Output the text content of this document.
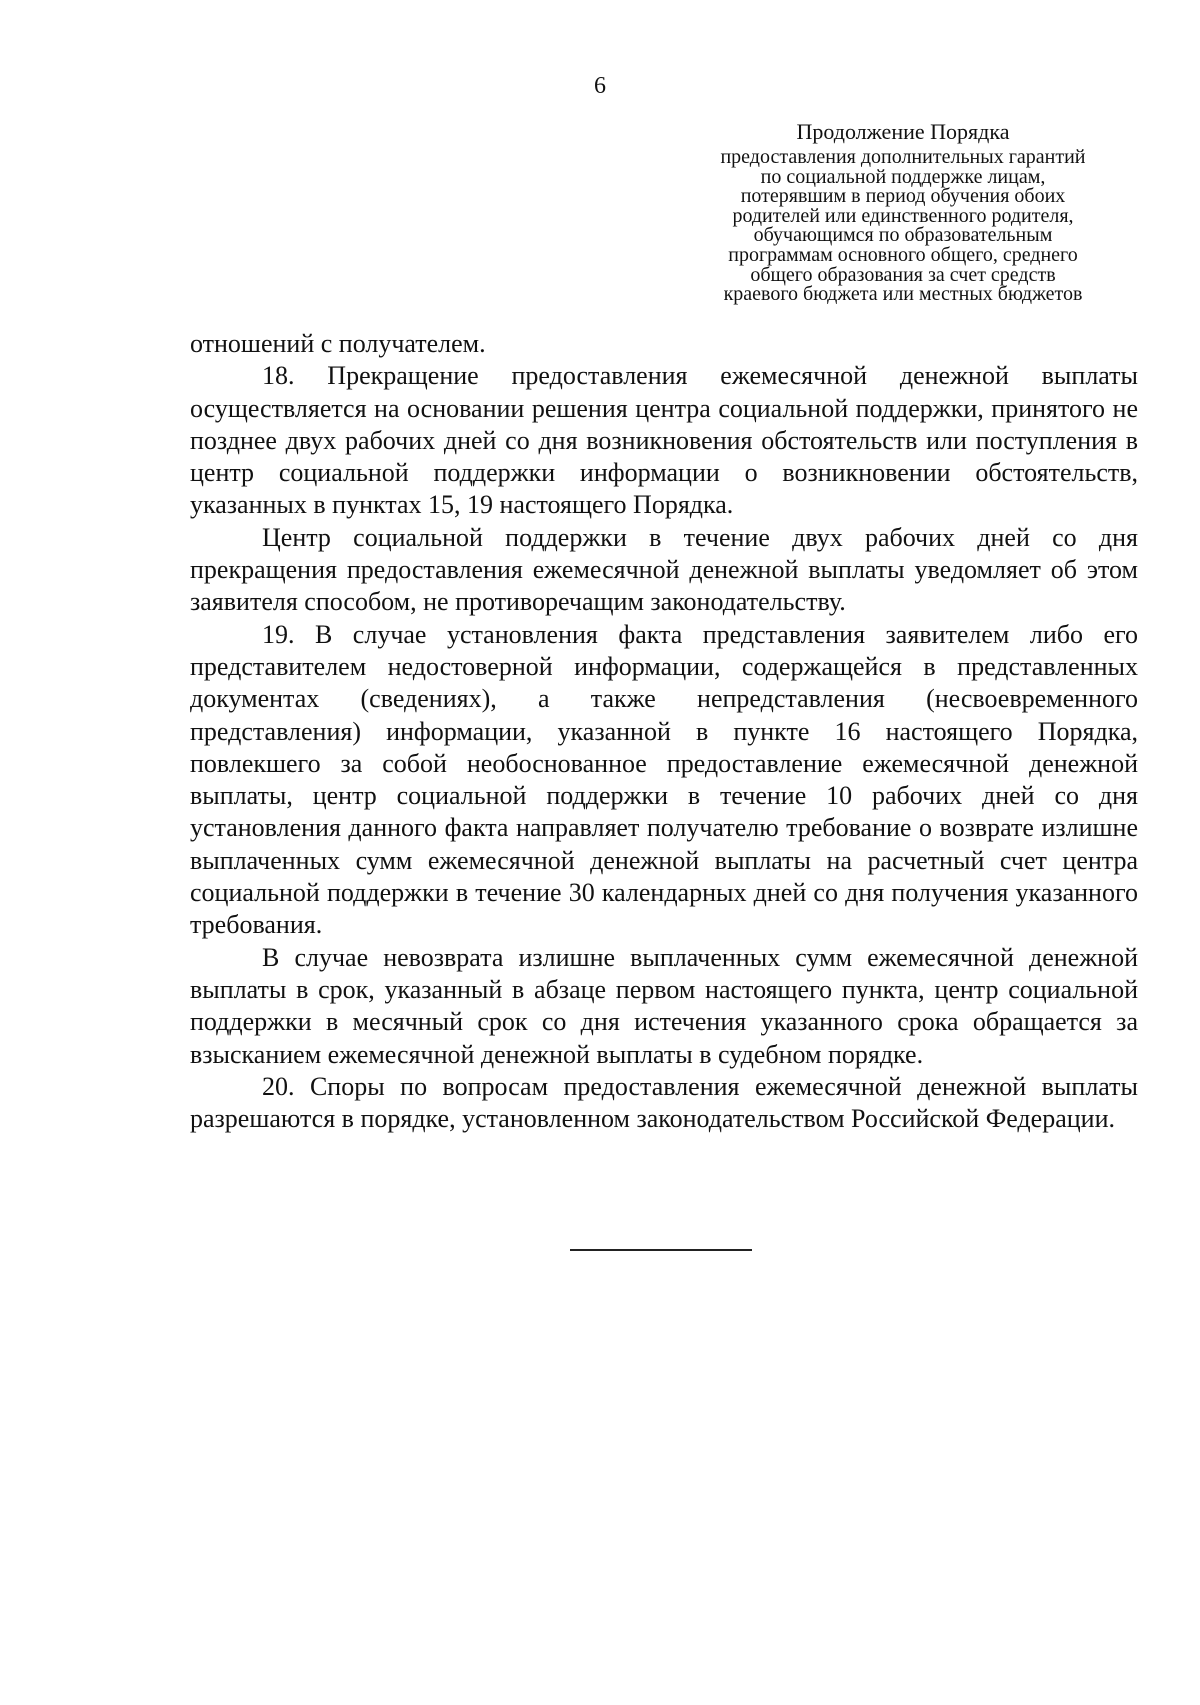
6
Продолжение Порядка
предоставления дополнительных гарантий
по социальной поддержке лицам,
потерявшим в период обучения обоих
родителей или единственного родителя,
обучающимся по образовательным
программам основного общего, среднего
общего образования за счет средств
краевого бюджета или местных бюджетов

отношений с получателем.

18. Прекращение предоставления ежемесячной денежной выплаты осуществляется на основании решения центра социальной поддержки, принятого не позднее двух рабочих дней со дня возникновения обстоятельств или поступления в центр социальной поддержки информации о возникновении обстоятельств, указанных в пунктах 15, 19 настоящего Порядка.

Центр социальной поддержки в течение двух рабочих дней со дня прекращения предоставления ежемесячной денежной выплаты уведомляет об этом заявителя способом, не противоречащим законодательству.

19. В случае установления факта представления заявителем либо его представителем недостоверной информации, содержащейся в представленных документах (сведениях), а также непредставления (несвоевременного представления) информации, указанной в пункте 16 настоящего Порядка, повлекшего за собой необоснованное предоставление ежемесячной денежной выплаты, центр социальной поддержки в течение 10 рабочих дней со дня установления данного факта направляет получателю требование о возврате излишне выплаченных сумм ежемесячной денежной выплаты на расчетный счет центра социальной поддержки в течение 30 календарных дней со дня получения указанного требования.

В случае невозврата излишне выплаченных сумм ежемесячной денежной выплаты в срок, указанный в абзаце первом настоящего пункта, центр социальной поддержки в месячный срок со дня истечения указанного срока обращается за взысканием ежемесячной денежной выплаты в судебном порядке.

20. Споры по вопросам предоставления ежемесячной денежной выплаты разрешаются в порядке, установленном законодательством Российской Федерации.
